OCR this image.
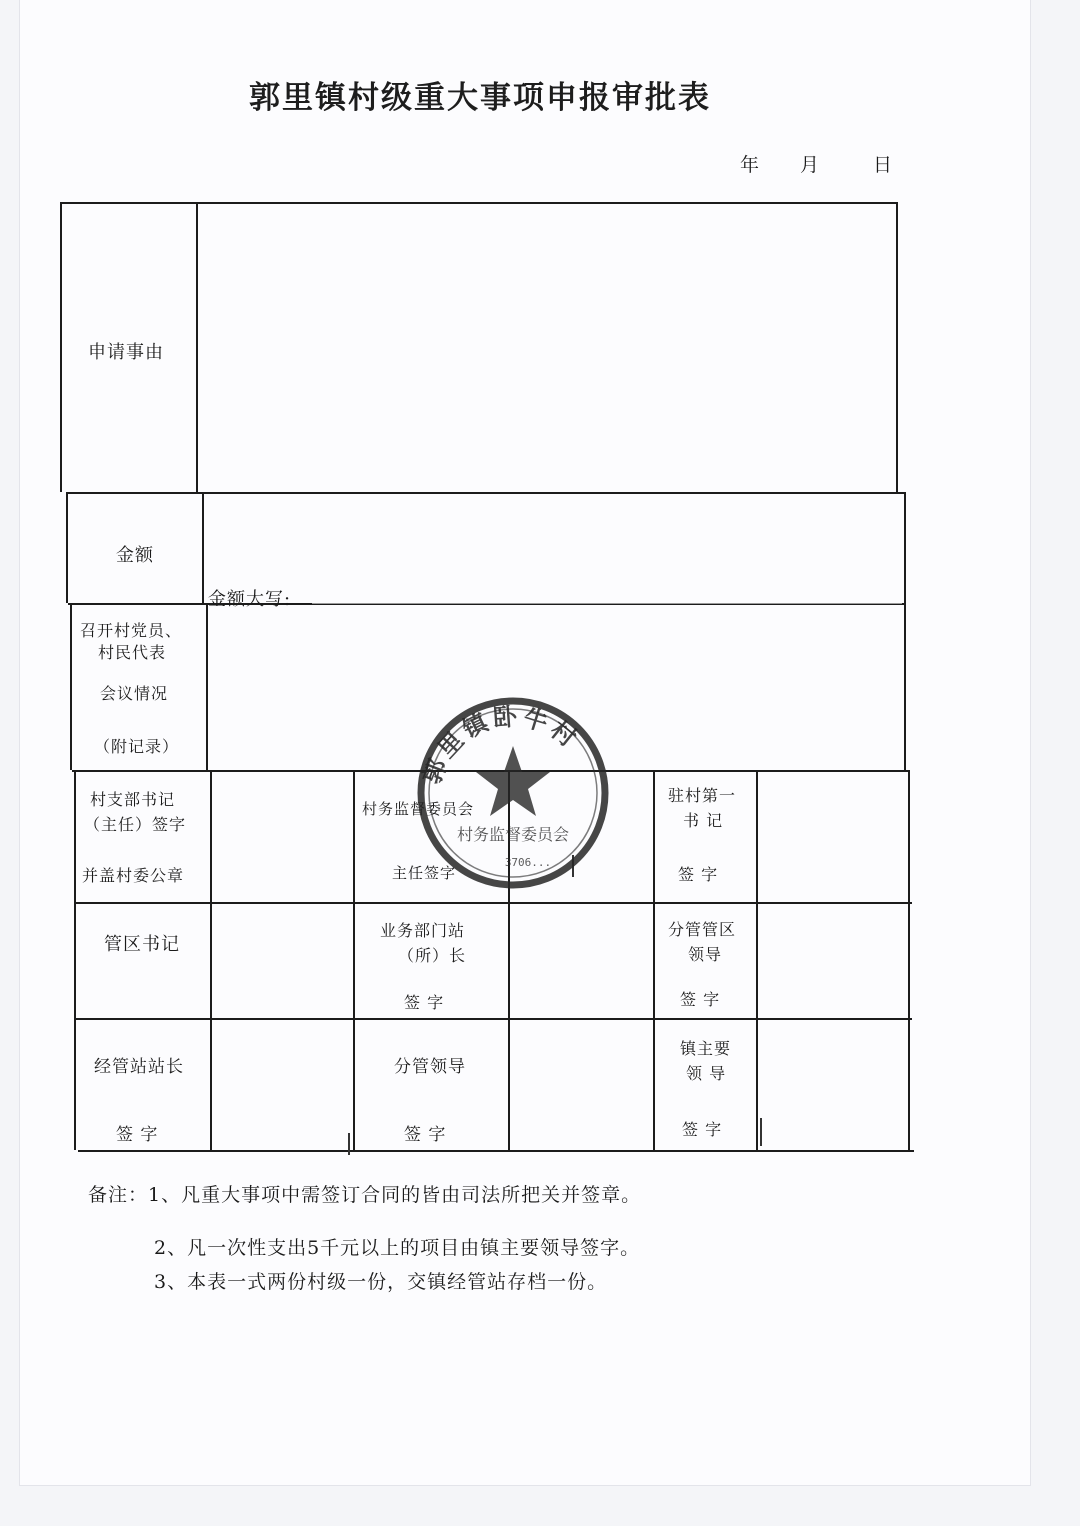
郭里镇村级重大事项申报审批表
年 月	日
申请事由
金额
金额大写:
召开村党员、
村民代表
会议情况
（附记录）
村支部书记
（主任）签字
并盖村委公章
村务监督委员会
主任签字
驻村第一
书 记
签 字
管区书记
业务部门站
（所）长
签 字
分管管区
领导
签 字
经管站站长
签 字
分管领导
签 字
镇主要
领 导
签 字
郭里镇卧牛村
村务监督委员会
3706...
备注：1、凡重大事项中需签订合同的皆由司法所把关并签章。
2、凡一次性支出5千元以上的项目由镇主要领导签字。
3、本表一式两份村级一份，交镇经管站存档一份。
